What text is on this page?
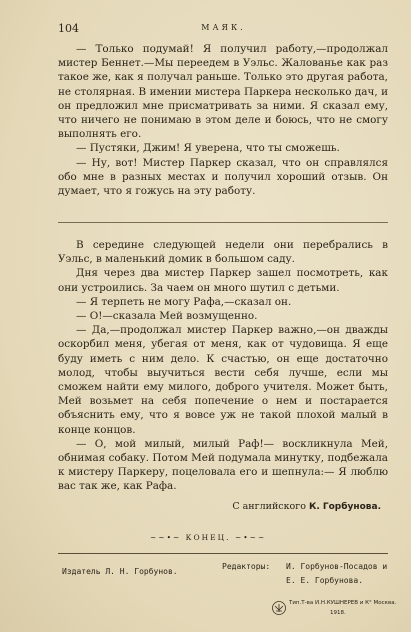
104	МАЯК.

— Только подумай! Я получил работу,—продолжал мистер Беннет.—Мы переедем в Уэльс. Жалованье как раз такое же, как я получал раньше. Только это другая работа, не столярная. В имении мистера Паркера несколько дач, и он предложил мне присматривать за ними. Я сказал ему, что ничего не понимаю в этом деле и боюсь, что не смогу выполнять его.

— Пустяки, Джим! Я уверена, что ты сможешь.

— Ну, вот! Мистер Паркер сказал, что он справлялся обо мне в разных местах и получил хороший отзыв. Он думает, что я гожусь на эту работу.

В середине следующей недели они перебрались в Уэльс, в маленький домик в большом саду.

Дня через два мистер Паркер зашел посмотреть, как они устроились. За чаем он много шутил с детьми.

— Я терпеть не могу Рафа,—сказал он.

— О!—сказала Мей возмущенно.

— Да,—продолжал мистер Паркер важно,—он дважды оскорбил меня, убегая от меня, как от чудовища. Я еще буду иметь с ним дело. К счастью, он еще достаточно молод, чтобы выучиться вести себя лучше, если мы сможем найти ему милого, доброго учителя. Может быть, Мей возьмет на себя попечение о нем и постарается объяснить ему, что я вовсе уж не такой плохой малый в конце концов.

— О, мой милый, милый Раф!— воскликнула Мей, обнимая собаку. Потом Мей подумала минутку, подбежала к мистеру Паркеру, поцеловала его и шепнула:— Я люблю вас так же, как Рафа.

С английского К. Горбунова.
~~•~ КОНЕЦ. ~•~~
Издатель Л. Н. Горбунов.
Редакторы: И. Горбунов-Посадов и
Е. Е. Горбунова.
Тип.Т-ва И.Н.КУШНЕРЕВ и К° Москва.
1918.
